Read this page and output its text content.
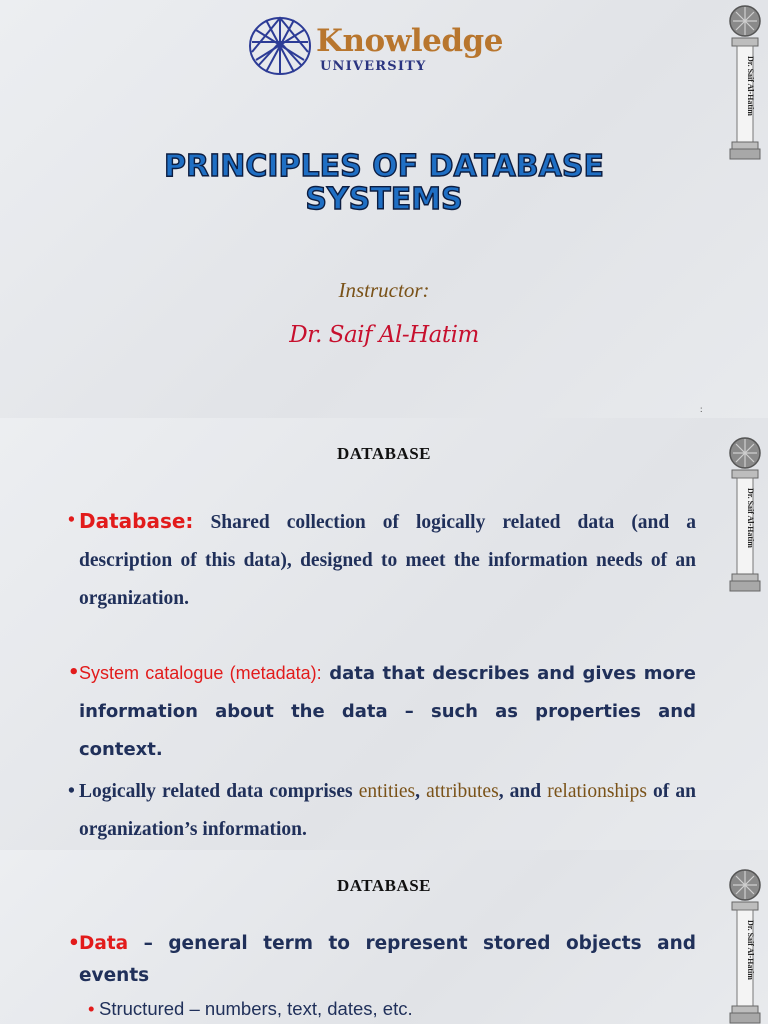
Knowledge
UNIVERSITY	Dr. Saif Al-Hatim
PRINCIPLES OF DATABASE
SYSTEMS
Instructor:
Dr. Saif Al-Hatim
:
Dr. Saif Al-Hatim
DATABASE
• Database: Shared collection of logically related data (and a description of this data), designed to meet the information needs of an organization.
• System catalogue (metadata): data that describes and gives more information about the data – such as properties and context.
• Logically related data comprises entities, attributes, and relationships of an organization’s information.
Dr. Saif Al-Hatim
DATABASE
• Data – general term to represent stored objects and events
• Structured – numbers, text, dates, etc.
